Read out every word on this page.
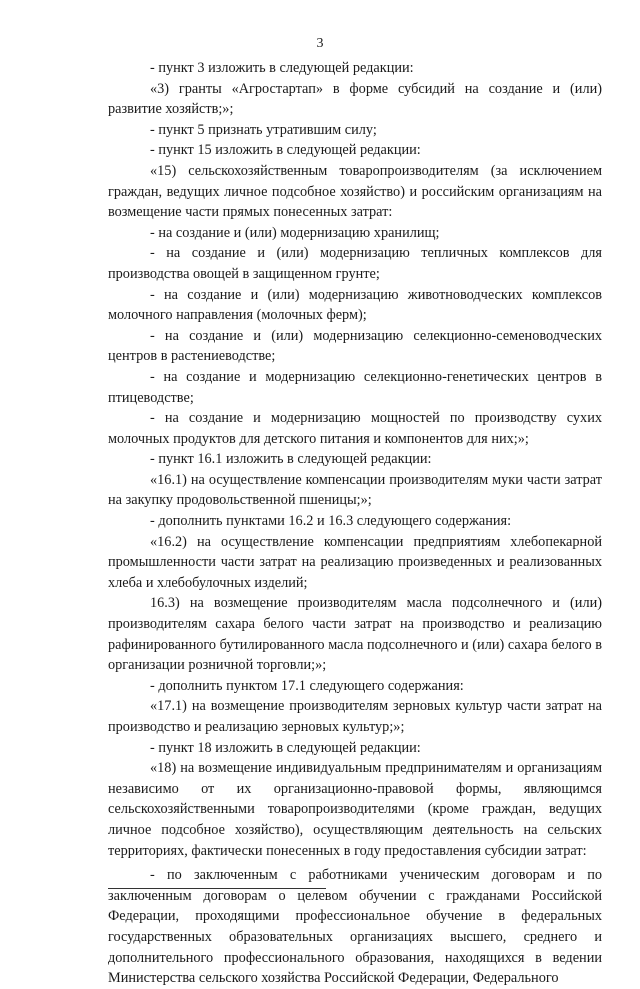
3

- пункт 3 изложить в следующей редакции:

«3) гранты «Агростартап» в форме субсидий на создание и (или) развитие хозяйств;»;

- пункт 5 признать утратившим силу;

- пункт 15 изложить в следующей редакции:

«15) сельскохозяйственным товаропроизводителям (за исключением граждан, ведущих личное подсобное хозяйство) и российским организациям на возмещение части прямых понесенных затрат:

- на создание и (или) модернизацию хранилищ;

- на создание и (или) модернизацию тепличных комплексов для производства овощей в защищенном грунте;

- на создание и (или) модернизацию животноводческих комплексов молочного направления (молочных ферм);

- на создание и (или) модернизацию селекционно-семеноводческих центров в растениеводстве;

- на создание и модернизацию селекционно-генетических центров в птицеводстве;

- на создание и модернизацию мощностей по производству сухих молочных продуктов для детского питания и компонентов для них;»;

- пункт 16.1 изложить в следующей редакции:

«16.1) на осуществление компенсации производителям муки части затрат на закупку продовольственной пшеницы;»;

- дополнить пунктами 16.2 и 16.3 следующего содержания:

«16.2) на осуществление компенсации предприятиям хлебопекарной промышленности части затрат на реализацию произведенных и реализованных хлеба и хлебобулочных изделий;

16.3) на возмещение производителям масла подсолнечного и (или) производителям сахара белого части затрат на производство и реализацию рафинированного бутилированного масла подсолнечного и (или) сахара белого в организации розничной торговли;»;

- дополнить пунктом 17.1 следующего содержания:

«17.1) на возмещение производителям зерновых культур части затрат на производство и реализацию зерновых культур;»;

- пункт 18 изложить в следующей редакции:

«18) на возмещение индивидуальным предпринимателям и организациям независимо от их организационно-правовой формы, являющимся сельскохозяйственными товаропроизводителями (кроме граждан, ведущих личное подсобное хозяйство), осуществляющим деятельность на сельских территориях, фактически понесенных в году предоставления субсидии затрат:

- по заключенным с работниками ученическим договорам и по заключенным договорам о целевом обучении с гражданами Российской Федерации, проходящими профессиональное обучение в федеральных государственных образовательных организациях высшего, среднего и дополнительного профессионального образования, находящихся в ведении Министерства сельского хозяйства Российской Федерации, Федерального
